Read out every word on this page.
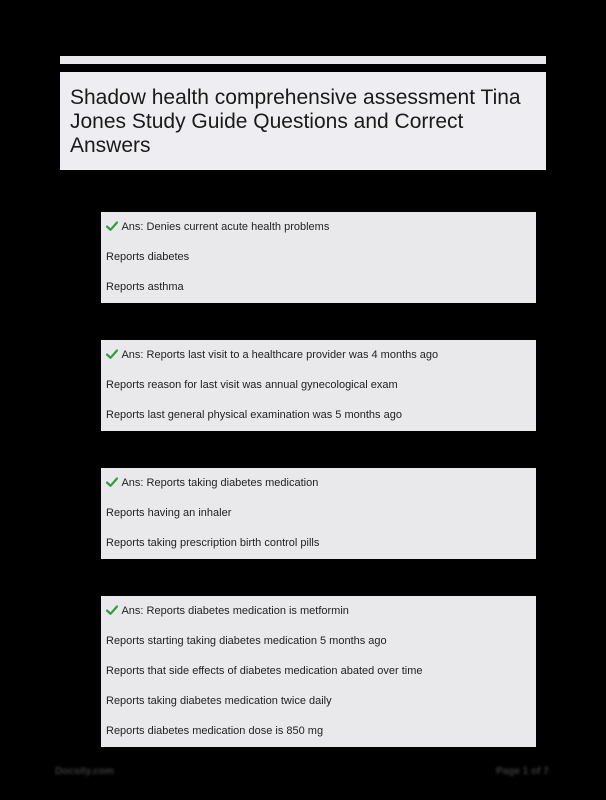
Shadow health comprehensive assessment Tina Jones Study Guide Questions and Correct Answers
Ans: Denies current acute health problems
Reports diabetes
Reports asthma
Ans: Reports last visit to a healthcare provider was 4 months ago
Reports reason for last visit was annual gynecological exam
Reports last general physical examination was 5 months ago
Ans: Reports taking diabetes medication
Reports having an inhaler
Reports taking prescription birth control pills
Ans: Reports diabetes medication is metformin
Reports starting taking diabetes medication 5 months ago
Reports that side effects of diabetes medication abated over time
Reports taking diabetes medication twice daily
Reports diabetes medication dose is 850 mg
Docsity.com	Page 1 of 7
